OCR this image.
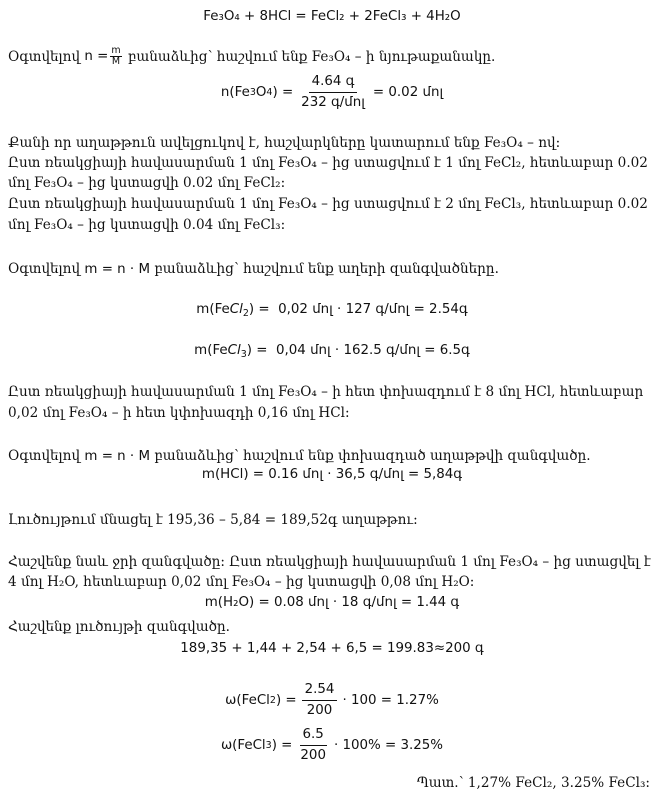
Fe₃O₄ + 8HCl = FeCl₂ + 2FeCl₃ + 4H₂O
Օգտվելով
$n = \frac{m}{M}$
բանաձևից՝ հաշվում ենք Fe₃O₄ – ի նյութաքանակը.
n(Fe 3 O 4 ) = $\frac{\text{4.64 գ}}{\text{232 գ/մոլ}} = 0.02$ մոլ
Քանի որ աղաթթուն ավելցուկով է, հաշվարկները կատարում ենք Fe₃O₄ – ով:
Ըստ ռեակցիայի հավասարման 1 մոլ Fe₃O₄ – ից ստացվում է 1 մոլ FeCl₂, հետևաբար 0.02
մոլ Fe₃O₄ – ից կստացվի 0.02 մոլ FeCl₂:
Ըստ ռեակցիայի հավասարման 1 մոլ Fe₃O₄ – ից ստացվում է 2 մոլ FeCl₃, հետևաբար 0.02
մոլ Fe₃O₄ – ից կստացվի 0.04 մոլ FeCl₃:
Օգտվելով m = n · M բանաձևից՝ հաշվում ենք աղերի զանգվածները.
m(FeCl$_2$) = 0,02 մոլ · 127 գ/մոլ = 2.54գ
m(FeCl$_3$) = 0,04 մոլ · 162.5 գ/մոլ = 6.5գ
Ըստ ռեակցիայի հավասարման 1 մոլ Fe₃O₄ – ի հետ փոխազդում է 8 մոլ HCl, հետևաբար
0,02 մոլ Fe₃O₄ – ի հետ կփոխազդի 0,16 մոլ HCl:
Օգտվելով m = n · M բանաձևից՝ հաշվում ենք փոխազդած աղաթթվի զանգվածը.
m(HCl) = 0.16 մոլ · 36,5 գ/մոլ = 5,84գ
Լուծույթում մնացել է 195,36 – 5,84 = 189,52գ աղաթթու:
Հաշվենք նաև ջրի զանգվածը: Ըստ ռեակցիայի հավասարման 1 մոլ Fe₃O₄ – ից ստացվել է
4 մոլ H₂O, հետևաբար 0,02 մոլ Fe₃O₄ – ից կստացվի 0,08 մոլ H₂O:
m(H₂O) = 0.08 մոլ · 18 գ/մոլ = 1.44 գ
Հաշվենք լուծույթի զանգվածը.
189,35 + 1,44 + 2,54 + 6,5 = 199.83≈200 գ
ω(FeCl 2 ) = $\frac{2.54}{200} \cdot 100 = 1.27\%$
ω(FeCl 3 ) = $\frac{6.5}{200} \cdot 100\% = 3.25\%$
Պատ.՝ 1,27% FeCl₂, 3.25% FeCl₃:
